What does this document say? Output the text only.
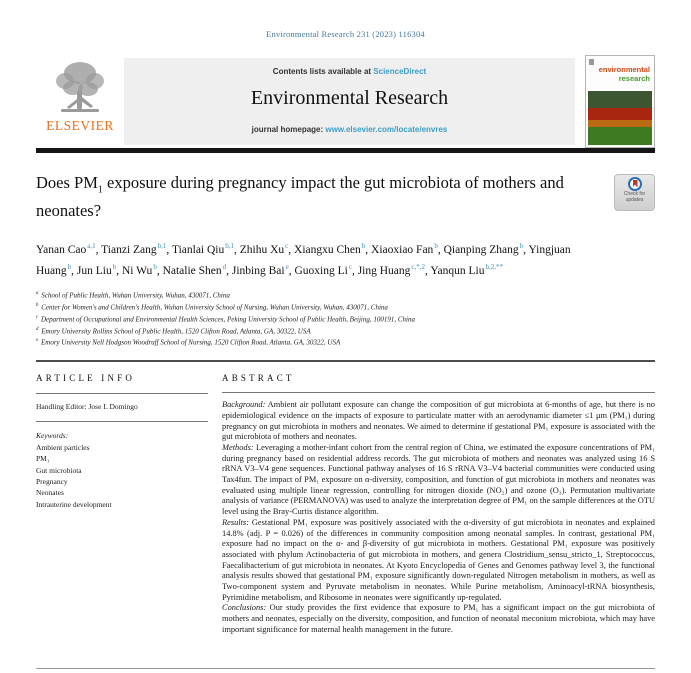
Environmental Research 231 (2023) 116304
ELSEVIER
Contents lists available at ScienceDirect
Environmental Research
journal homepage: www.elsevier.com/locate/envres
environmental
research
Does $PM_1$ exposure during pregnancy impact the gut microbiota of mothers and neonates?
Check for updates
Yanan Cao$^{a,1}$, Tianzi Zang$^{b,1}$, Tianlai Qiu$^{b,1}$, Zhihu Xu$^c$, Xiangxu Chen$^b$, Xiaoxiao Fan$^b$, Qianping Zhang$^b$, Yingjuan Huang$^b$, Jun Liu$^b$, Ni Wu$^b$, Natalie Shen$^d$, Jinbing Bai$^e$, Guoxing Li$^c$, Jing Huang$^{c,*,2}$, Yanqun Liu$^{b,2,**}$
$^a$ School of Public Health, Wuhan University, Wuhan, 430071, China
$^b$ Center for Women's and Children's Health, Wuhan University School of Nursing, Wuhan University, Wuhan, 430071, China
$^c$ Department of Occupational and Environmental Health Sciences, Peking University School of Public Health, Beijing, 100191, China
$^d$ Emory University Rollins School of Public Health, 1520 Clifton Road, Atlanta, GA, 30322, USA
$^e$ Emory University Nell Hodgson Woodruff School of Nursing, 1520 Clifton Road, Atlanta, GA, 30322, USA
ARTICLE INFO
Handling Editor: Jose L Domingo
Keywords:
Ambient particles
PM₁
Gut microbiota
Pregnancy
Neonates
Intrauterine development
ABSTRACT

Background: Ambient air pollutant exposure can change the composition of gut microbiota at 6-months of age, but there is no epidemiological evidence on the impacts of exposure to particulate matter with an aerodynamic diameter ≤1 μm (PM₁) during pregnancy on gut microbiota in mothers and neonates. We aimed to determine if gestational PM₁ exposure is associated with the gut microbiota of mothers and neonates.

Methods: Leveraging a mother-infant cohort from the central region of China, we estimated the exposure concentrations of PM₁ during pregnancy based on residential address records. The gut microbiota of mothers and neonates was analyzed using 16 S rRNA V3–V4 gene sequences. Functional pathway analyses of 16 S rRNA V3–V4 bacterial communities were conducted using Tax4fun. The impact of PM₁ exposure on α-diversity, composition, and function of gut microbiota in mothers and neonates was evaluated using multiple linear regression, controlling for nitrogen dioxide (NO₂) and ozone (O₃). Permutation multivariate analysis of variance (PERMANOVA) was used to analyze the interpretation degree of PM₁ on the sample differences at the OTU level using the Bray-Curtis distance algorithm.

Results: Gestational PM₁ exposure was positively associated with the α-diversity of gut microbiota in neonates and explained 14.8% (adj. P = 0.026) of the differences in community composition among neonatal samples. In contrast, gestational PM₁ exposure had no impact on the α- and β-diversity of gut microbiota in mothers. Gestational PM₁ exposure was positively associated with phylum Actinobacteria of gut microbiota in mothers, and genera Clostridium_sensu_stricto_1, Streptococcus, Faecalibacterium of gut microbiota in neonates. At Kyoto Encyclopedia of Genes and Genomes pathway level 3, the functional analysis results showed that gestational PM₁ exposure significantly down-regulated Nitrogen metabolism in mothers, as well as Two-component system and Pyruvate metabolism in neonates. While Purine metabolism, Aminoacyl-tRNA biosynthesis, Pyrimidine metabolism, and Ribosome in neonates were significantly up-regulated.

Conclusions: Our study provides the first evidence that exposure to PM₁ has a significant impact on the gut microbiota of mothers and neonates, especially on the diversity, composition, and function of neonatal meconium microbiota, which may have important significance for maternal health management in the future.
